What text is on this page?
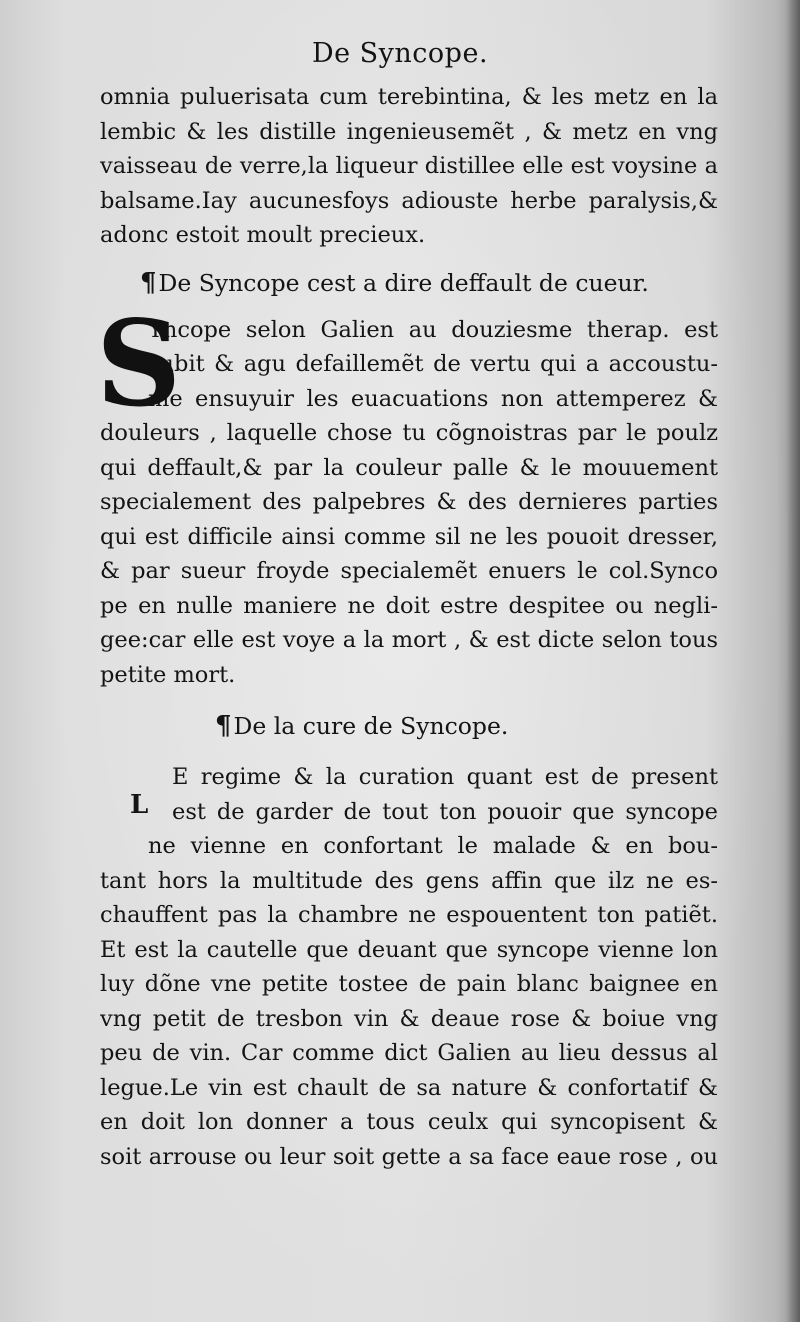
De Syncope.
omnia puluerisata cum terebintina, & les metz en la
lembic & les distille ingenieusemẽt , & metz en vng
vaisseau de verre,la liqueur distillee elle est voysine a
balsame.Iay aucunesfoys adiouste herbe paralysis,&
adonc estoit moult precieux.
¶De Syncope cest a dire deffault de cueur.
S
Yncope selon Galien au douziesme therap. est
subit & agu defaillemẽt de vertu qui a accoustu-
me ensuyuir les euacuations non attemperez &
douleurs , laquelle chose tu cõgnoistras par le poulz
qui deffault,& par la couleur palle & le mouuement
specialement des palpebres & des dernieres parties
qui est difficile ainsi comme sil ne les pouoit dresser,
& par sueur froyde specialemẽt enuers le col.Synco
pe en nulle maniere ne doit estre despitee ou negli-
gee:car elle est voye a la mort , & est dicte selon tous
petite mort.
¶De la cure de Syncope.
L
E regime & la curation quant est de present
est de garder de tout ton pouoir que syncope
ne vienne en confortant le malade & en bou-
tant hors la multitude des gens affin que ilz ne es-
chauffent pas la chambre ne espouentent ton patiẽt.
Et est la cautelle que deuant que syncope vienne lon
luy dõne vne petite tostee de pain blanc baignee en
vng petit de tresbon vin & deaue rose & boiue vng
peu de vin. Car comme dict Galien au lieu dessus al
legue.Le vin est chault de sa nature & confortatif &
en doit lon donner a tous ceulx qui syncopisent &
soit arrouse ou leur soit gette a sa face eaue rose , ou
